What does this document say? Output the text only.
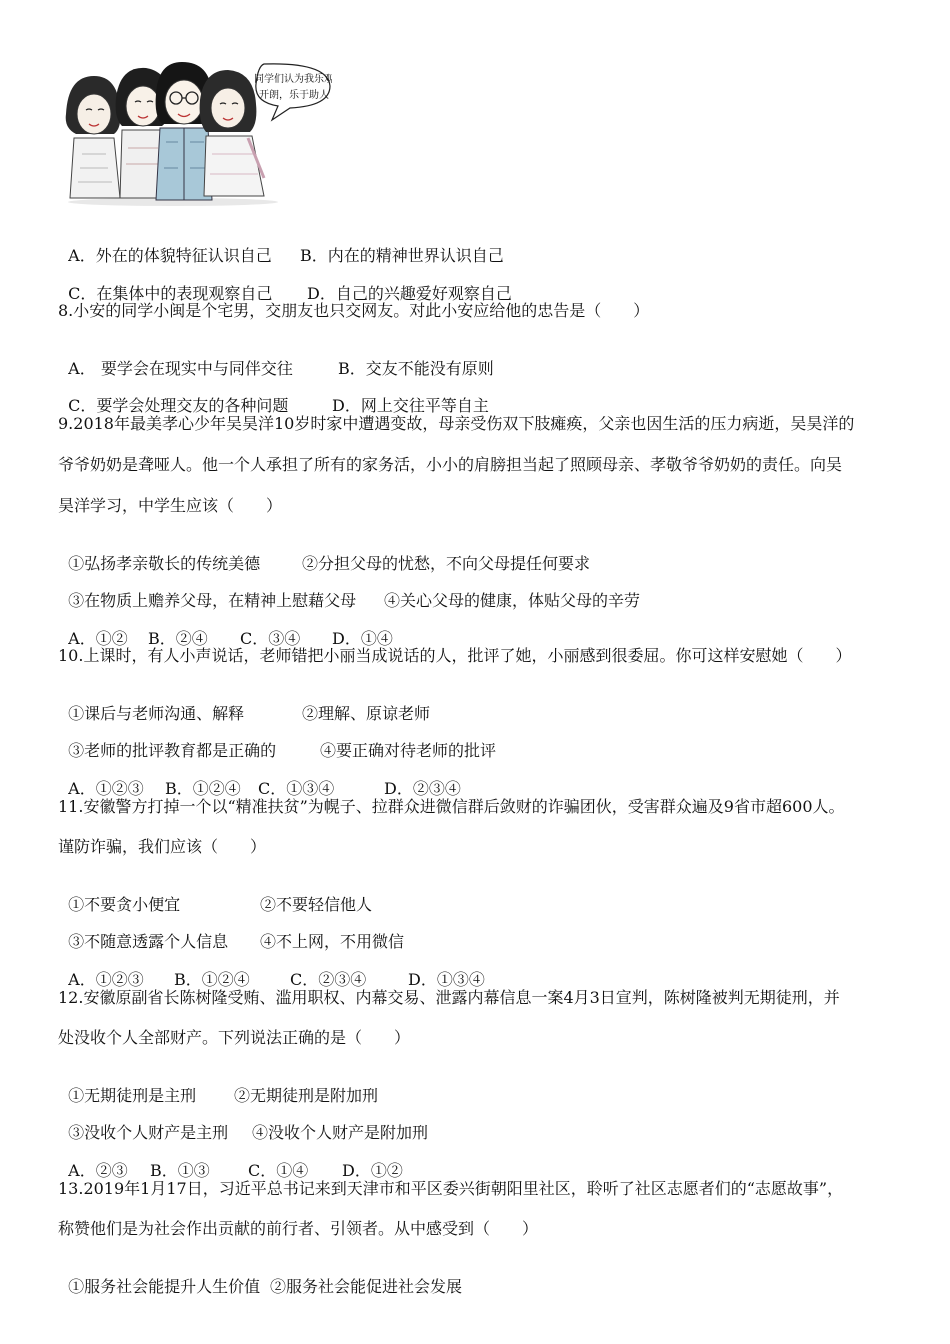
同学们认为我乐观
开朗，乐于助人

A．外在的体貌特征认识自己 B．内在的精神世界认识自己

C．在集体中的表现观察自己 D．自己的兴趣爱好观察自己

8.小安的同学小闽是个宅男，交朋友也只交网友。对此小安应给他的忠告是（　　）

A． 要学会在现实中与同伴交往	B．交友不能没有原则

C．要学会处理交友的各种问题	D．网上交往平等自主

9.2018年最美孝心少年吴昊洋10岁时家中遭遇变故，母亲受伤双下肢瘫痪，父亲也因生活的压力病逝，吴昊洋的
爷爷奶奶是聋哑人。他一个人承担了所有的家务活，小小的肩膀担当起了照顾母亲、孝敬爷爷奶奶的责任。向吴
昊洋学习，中学生应该（　　）

①弘扬孝亲敬长的传统美德	②分担父母的忧愁，不向父母提任何要求

③在物质上赡养父母，在精神上慰藉父母 ④关心父母的健康，体贴父母的辛劳

A．①② B．②④ C．③④ D．①④

10.上课时，有人小声说话，老师错把小丽当成说话的人，批评了她，小丽感到很委屈。你可这样安慰她（　　）

①课后与老师沟通、解释	②理解、原谅老师

③老师的批评教育都是正确的	④要正确对待老师的批评

A．①②③ B．①②④ C．①③④	D．②③④

11.安徽警方打掉一个以“精准扶贫”为幌子、拉群众进微信群后敛财的诈骗团伙，受害群众遍及9省市超600人。
谨防诈骗，我们应该（　　）

①不要贪小便宜	②不要轻信他人

③不随意透露个人信息 ④不上网，不用微信

A．①②③ B．①②④	C．②③④	D．①③④

12.安徽原副省长陈树隆受贿、滥用职权、内幕交易、泄露内幕信息一案4月3日宣判，陈树隆被判无期徒刑，并
处没收个人全部财产。下列说法正确的是（　　）

①无期徒刑是主刑 ②无期徒刑是附加刑

③没收个人财产是主刑 ④没收个人财产是附加刑

A．②③ B．①③ C．①④ D．①②

13.2019年1月17日，习近平总书记来到天津市和平区委兴街朝阳里社区，聆听了社区志愿者们的“志愿故事”，
称赞他们是为社会作出贡献的前行者、引领者。从中感受到（　　）

①服务社会能提升人生价值 ②服务社会能促进社会发展
